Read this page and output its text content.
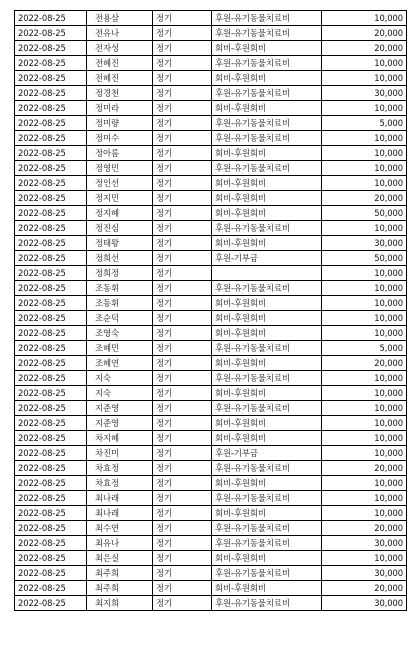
2022-08-25	전용삼	정기	후원-유기동물치료비	10,000
2022-08-25	전유나	정기	후원-유기동물치료비	20,000
2022-08-25	전자성	정기	회비-후원회비	20,000
2022-08-25	전혜진	정기	후원-유기동물치료비	10,000
2022-08-25	전혜진	정기	회비-후원회비	10,000
2022-08-25	정경천	정기	후원-유기동물치료비	30,000
2022-08-25	정미라	정기	회비-후원회비	10,000
2022-08-25	정미량	정기	후원-유기동물치료비	5,000
2022-08-25	정미수	정기	후원-유기동물치료비	10,000
2022-08-25	정아름	정기	회비-후원회비	10,000
2022-08-25	정영민	정기	후원-유기동물치료비	10,000
2022-08-25	정인선	정기	회비-후원회비	10,000
2022-08-25	정지민	정기	회비-후원회비	20,000
2022-08-25	정지혜	정기	회비-후원회비	50,000
2022-08-25	정진심	정기	후원-유기동물치료비	10,000
2022-08-25	정태왕	정기	회비-후원회비	30,000
2022-08-25	정희선	정기	후원-기부금	50,000
2022-08-25	정희정	정기		10,000
2022-08-25	조동휘	정기	후원-유기동물치료비	10,000
2022-08-25	조동휘	정기	회비-후원회비	10,000
2022-08-25	조순덕	정기	회비-후원회비	10,000
2022-08-25	조영숙	정기	회비-후원회비	10,000
2022-08-25	조혜민	정기	후원-유기동물치료비	5,000
2022-08-25	조혜연	정기	회비-후원회비	20,000
2022-08-25	지숙	정기	후원-유기동물치료비	10,000
2022-08-25	지숙	정기	회비-후원회비	10,000
2022-08-25	지준영	정기	후원-유기동물치료비	10,000
2022-08-25	지준영	정기	회비-후원회비	10,000
2022-08-25	차지혜	정기	회비-후원회비	10,000
2022-08-25	차진미	정기	후원-기부금	10,000
2022-08-25	차효정	정기	후원-유기동물치료비	20,000
2022-08-25	차효정	정기	회비-후원회비	10,000
2022-08-25	최나래	정기	후원-유기동물치료비	10,000
2022-08-25	최나래	정기	회비-후원회비	10,000
2022-08-25	최수연	정기	후원-유기동물치료비	20,000
2022-08-25	최유나	정기	후원-유기동물치료비	30,000
2022-08-25	최은실	정기	회비-후원회비	10,000
2022-08-25	최주희	정기	후원-유기동물치료비	30,000
2022-08-25	최주희	정기	회비-후원회비	20,000
2022-08-25	최지희	정기	후원-유기동물치료비	30,000
